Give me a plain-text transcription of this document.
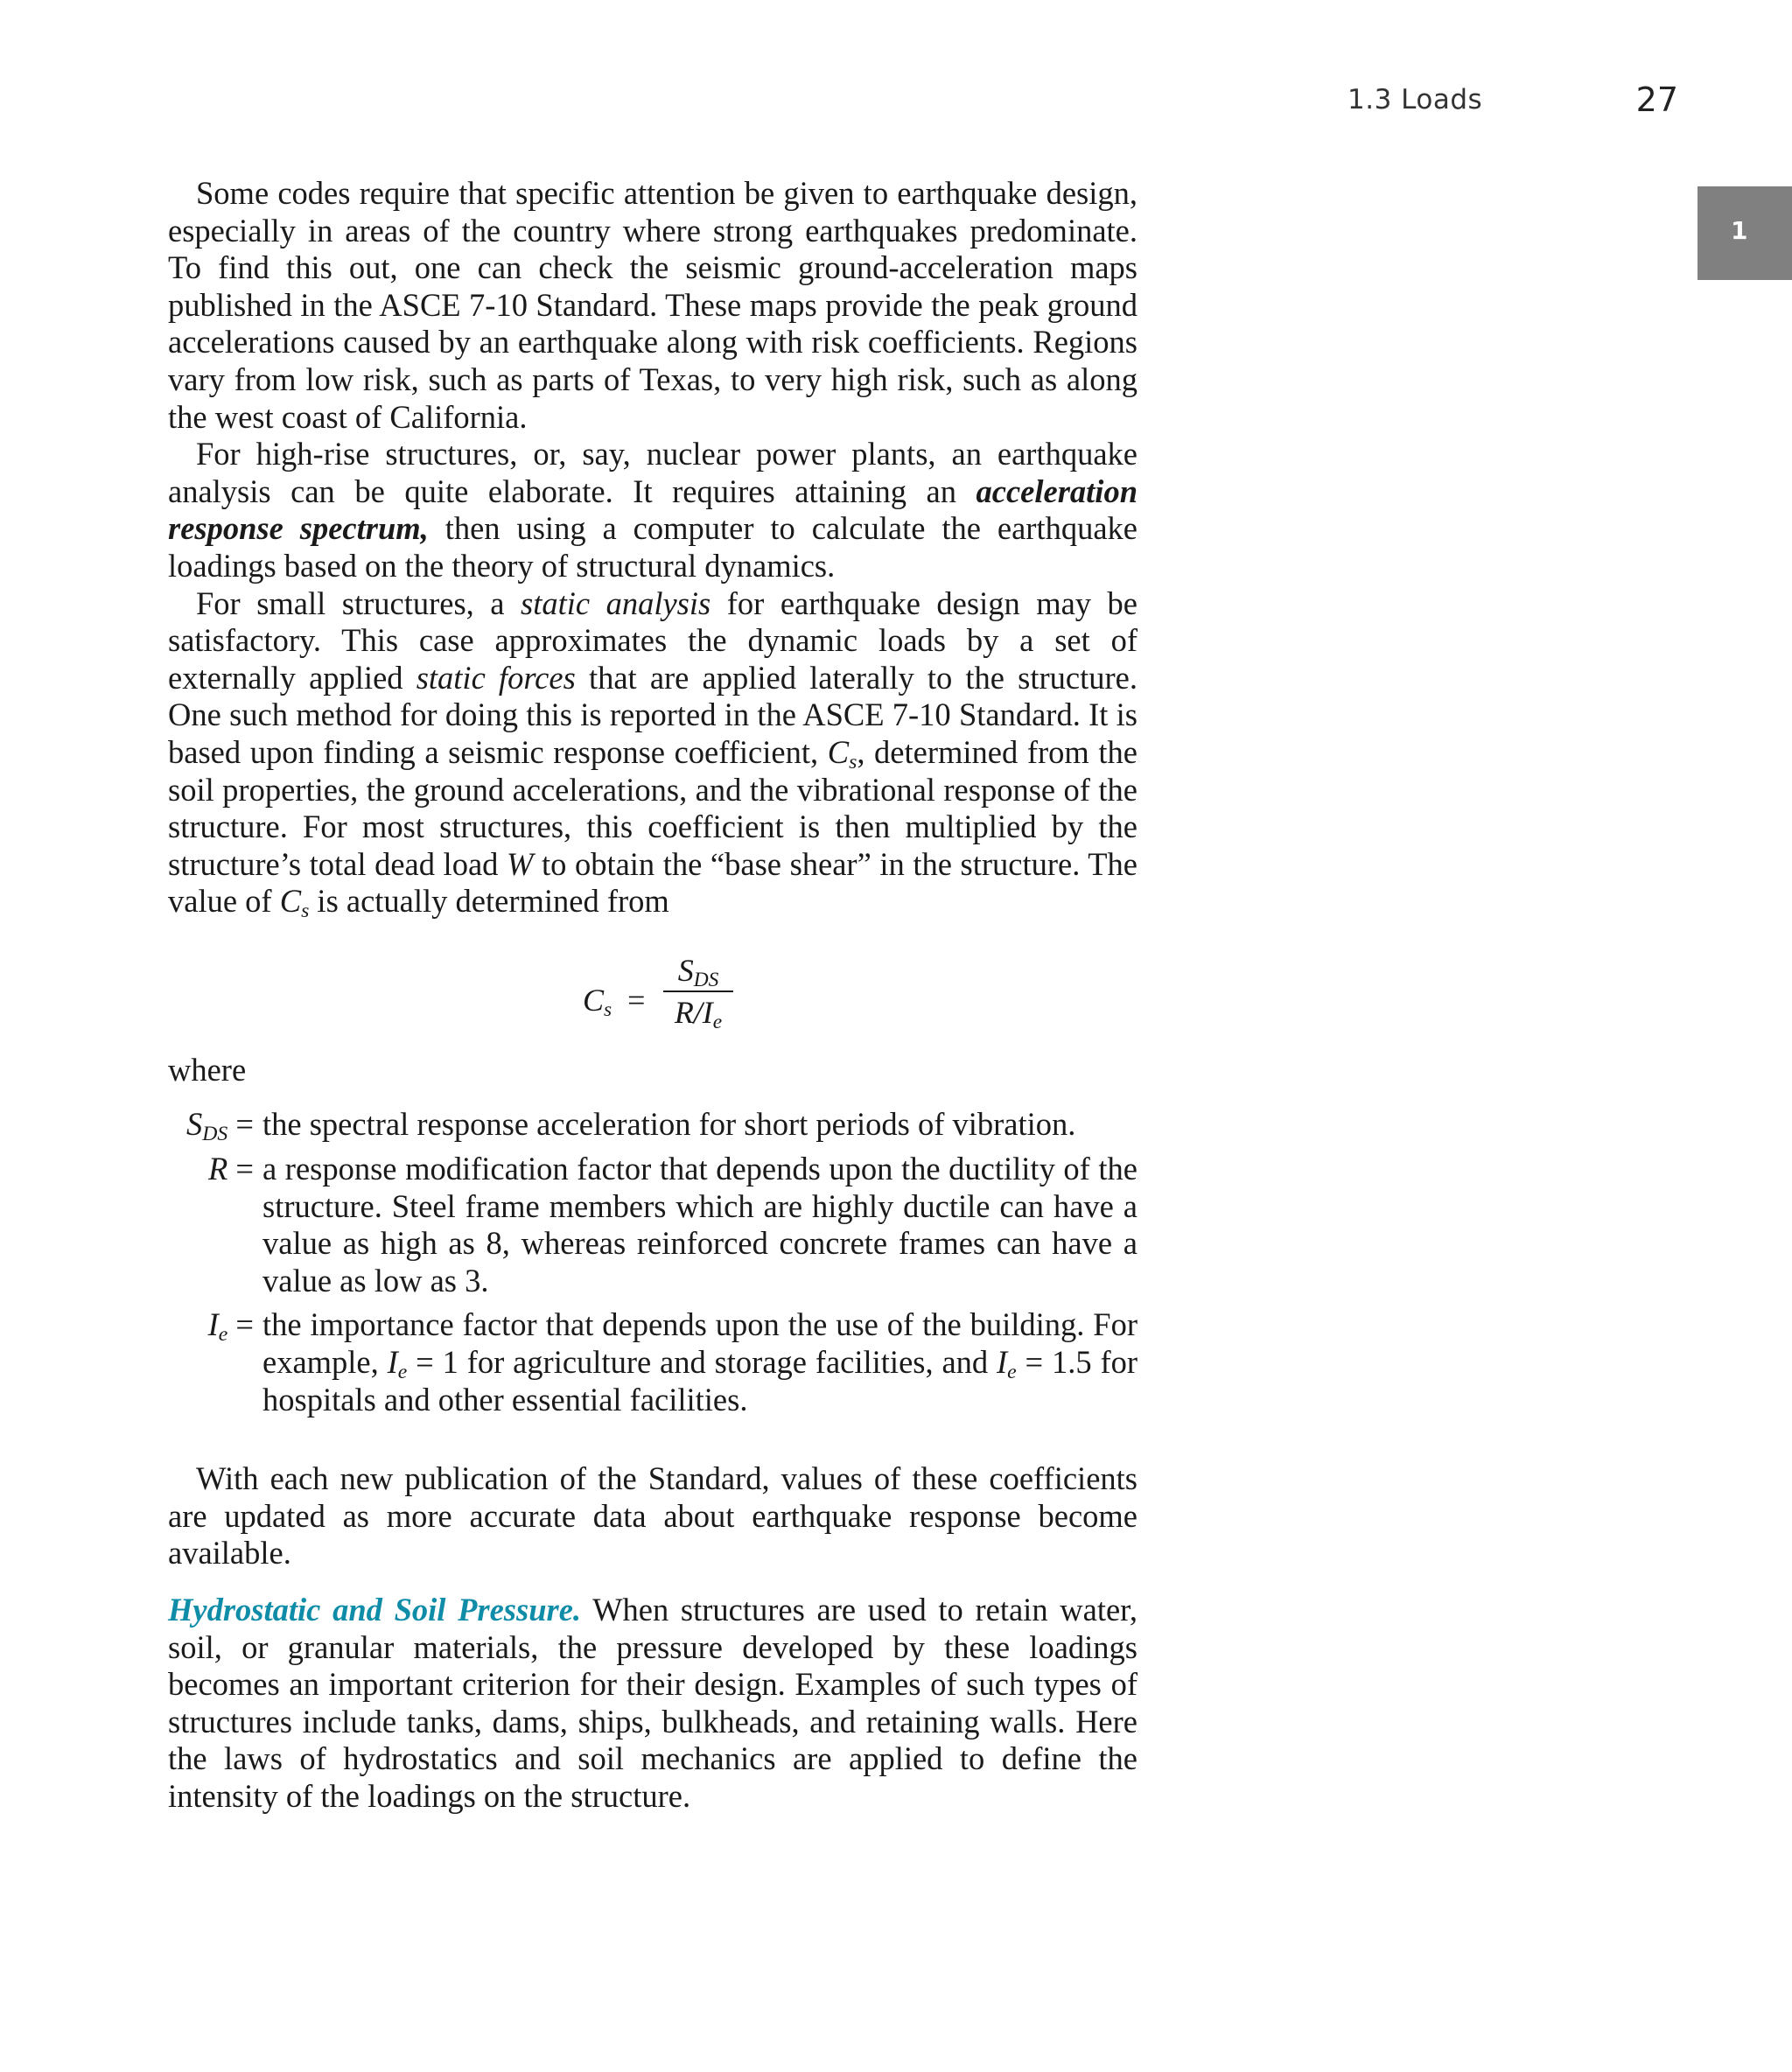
1.3 Loads	27
1

Some codes require that specific attention be given to earthquake design, especially in areas of the country where strong earthquakes predominate. To find this out, one can check the seismic ground-acceleration maps published in the ASCE 7-10 Standard. These maps provide the peak ground accelerations caused by an earthquake along with risk coefficients. Regions vary from low risk, such as parts of Texas, to very high risk, such as along the west coast of California.

For high-rise structures, or, say, nuclear power plants, an earthquake analysis can be quite elaborate. It requires attaining an acceleration response spectrum, then using a computer to calculate the earthquake loadings based on the theory of structural dynamics.

For small structures, a static analysis for earthquake design may be satisfactory. This case approximates the dynamic loads by a set of externally applied static forces that are applied laterally to the structure. One such method for doing this is reported in the ASCE 7-10 Standard. It is based upon finding a seismic response coefficient, $C_s$, determined from the soil properties, the ground accelerations, and the vibrational response of the structure. For most structures, this coefficient is then multiplied by the structure’s total dead load W to obtain the “base shear” in the structure. The value of $C_s$ is actually determined from

$C_s$ =
$S_{DS}$
$R/I_e$
where
$S_{DS}$ = the spectral response acceleration for short periods of vibration.
R = a response modification factor that depends upon the ductility of the structure. Steel frame members which are highly ductile can have a value as high as 8, whereas reinforced concrete frames can have a value as low as 3.
$I_e$ = the importance factor that depends upon the use of the building. For example, $I_e = 1$ for agriculture and storage facilities, and $I_e = 1.5$ for hospitals and other essential facilities.

With each new publication of the Standard, values of these coefficients are updated as more accurate data about earthquake response become available.

Hydrostatic and Soil Pressure. When structures are used to retain water, soil, or granular materials, the pressure developed by these loadings becomes an important criterion for their design. Examples of such types of structures include tanks, dams, ships, bulkheads, and retaining walls. Here the laws of hydrostatics and soil mechanics are applied to define the intensity of the loadings on the structure.
